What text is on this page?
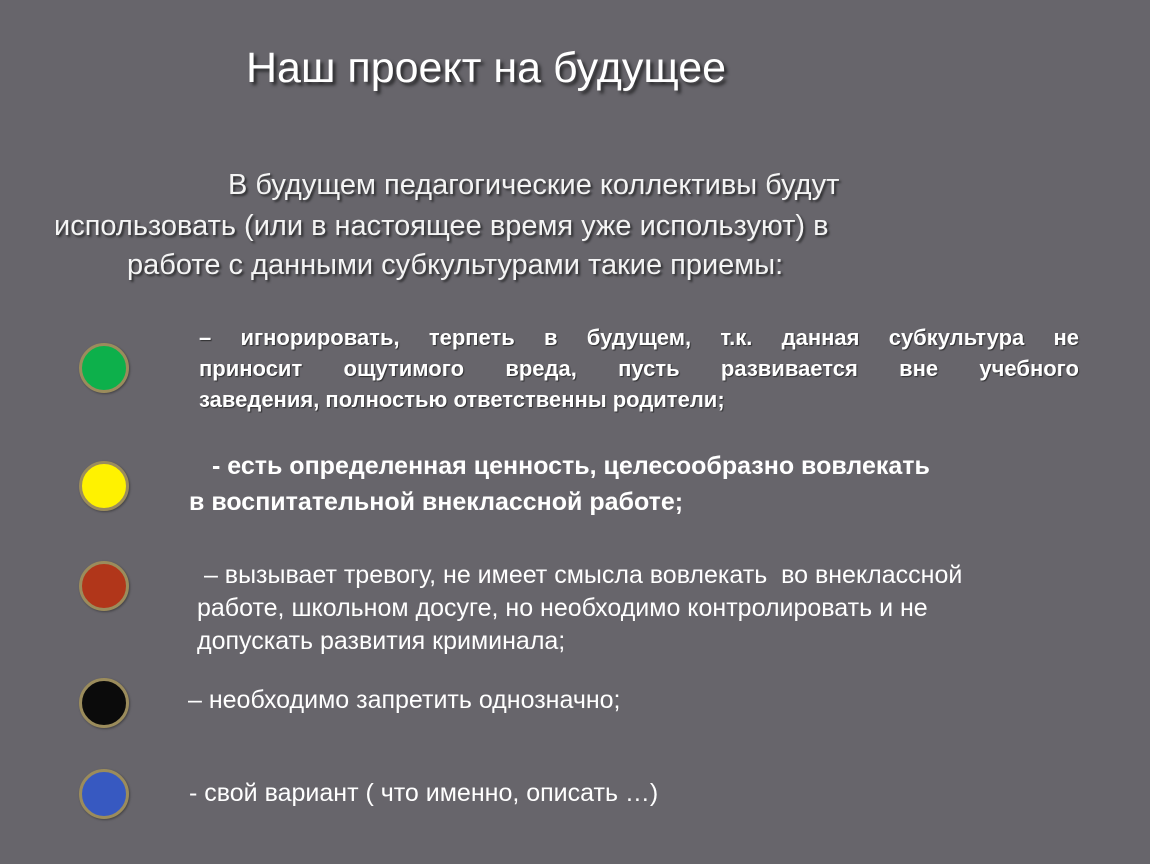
Наш проект на будущее
В будущем педагогические коллективы будут
использовать (или в настоящее время уже используют) в
работе с данными субкультурами такие приемы:
– игнорировать, терпеть в будущем, т.к. данная субкультура не
приносит ощутимого вреда, пусть развивается вне учебного
заведения, полностью ответственны родители;
- есть определенная ценность, целесообразно вовлекать
в воспитательной внеклассной работе;
– вызывает тревогу, не имеет смысла вовлекать  во внеклассной
работе, школьном досуге, но необходимо контролировать и не
допускать развития криминала;
– необходимо запретить однозначно;
- свой вариант ( что именно, описать …)
